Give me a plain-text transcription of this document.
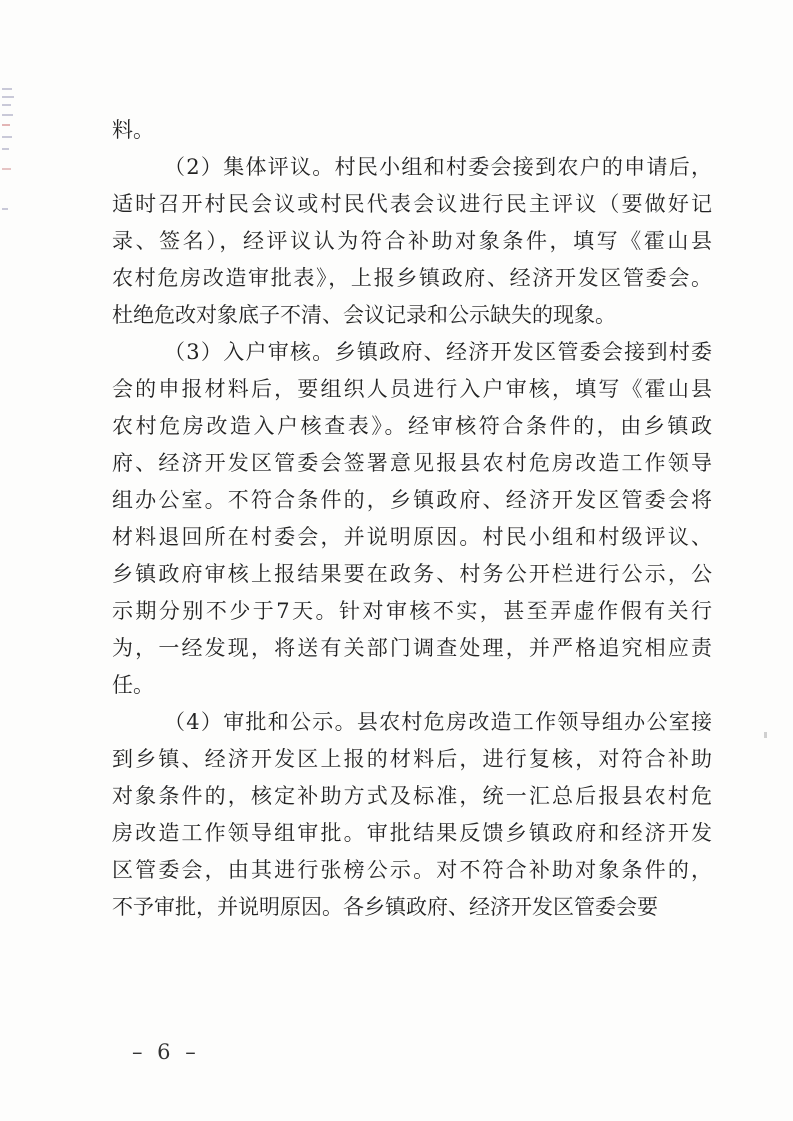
料。
（2）集体评议。村民小组和村委会接到农户的申请后，
适时召开村民会议或村民代表会议进行民主评议（要做好记
录、签名），经评议认为符合补助对象条件，填写《霍山县
农村危房改造审批表》，上报乡镇政府、经济开发区管委会。
杜绝危改对象底子不清、会议记录和公示缺失的现象。
（3）入户审核。乡镇政府、经济开发区管委会接到村委
会的申报材料后，要组织人员进行入户审核，填写《霍山县
农村危房改造入户核查表》。经审核符合条件的，由乡镇政
府、经济开发区管委会签署意见报县农村危房改造工作领导
组办公室。不符合条件的，乡镇政府、经济开发区管委会将
材料退回所在村委会，并说明原因。村民小组和村级评议、
乡镇政府审核上报结果要在政务、村务公开栏进行公示，公
示期分别不少于7天。针对审核不实，甚至弄虚作假有关行
为，一经发现，将送有关部门调查处理，并严格追究相应责
任。
（4）审批和公示。县农村危房改造工作领导组办公室接
到乡镇、经济开发区上报的材料后，进行复核，对符合补助
对象条件的，核定补助方式及标准，统一汇总后报县农村危
房改造工作领导组审批。审批结果反馈乡镇政府和经济开发
区管委会，由其进行张榜公示。对不符合补助对象条件的，
不予审批，并说明原因。各乡镇政府、经济开发区管委会要
– 6 –
